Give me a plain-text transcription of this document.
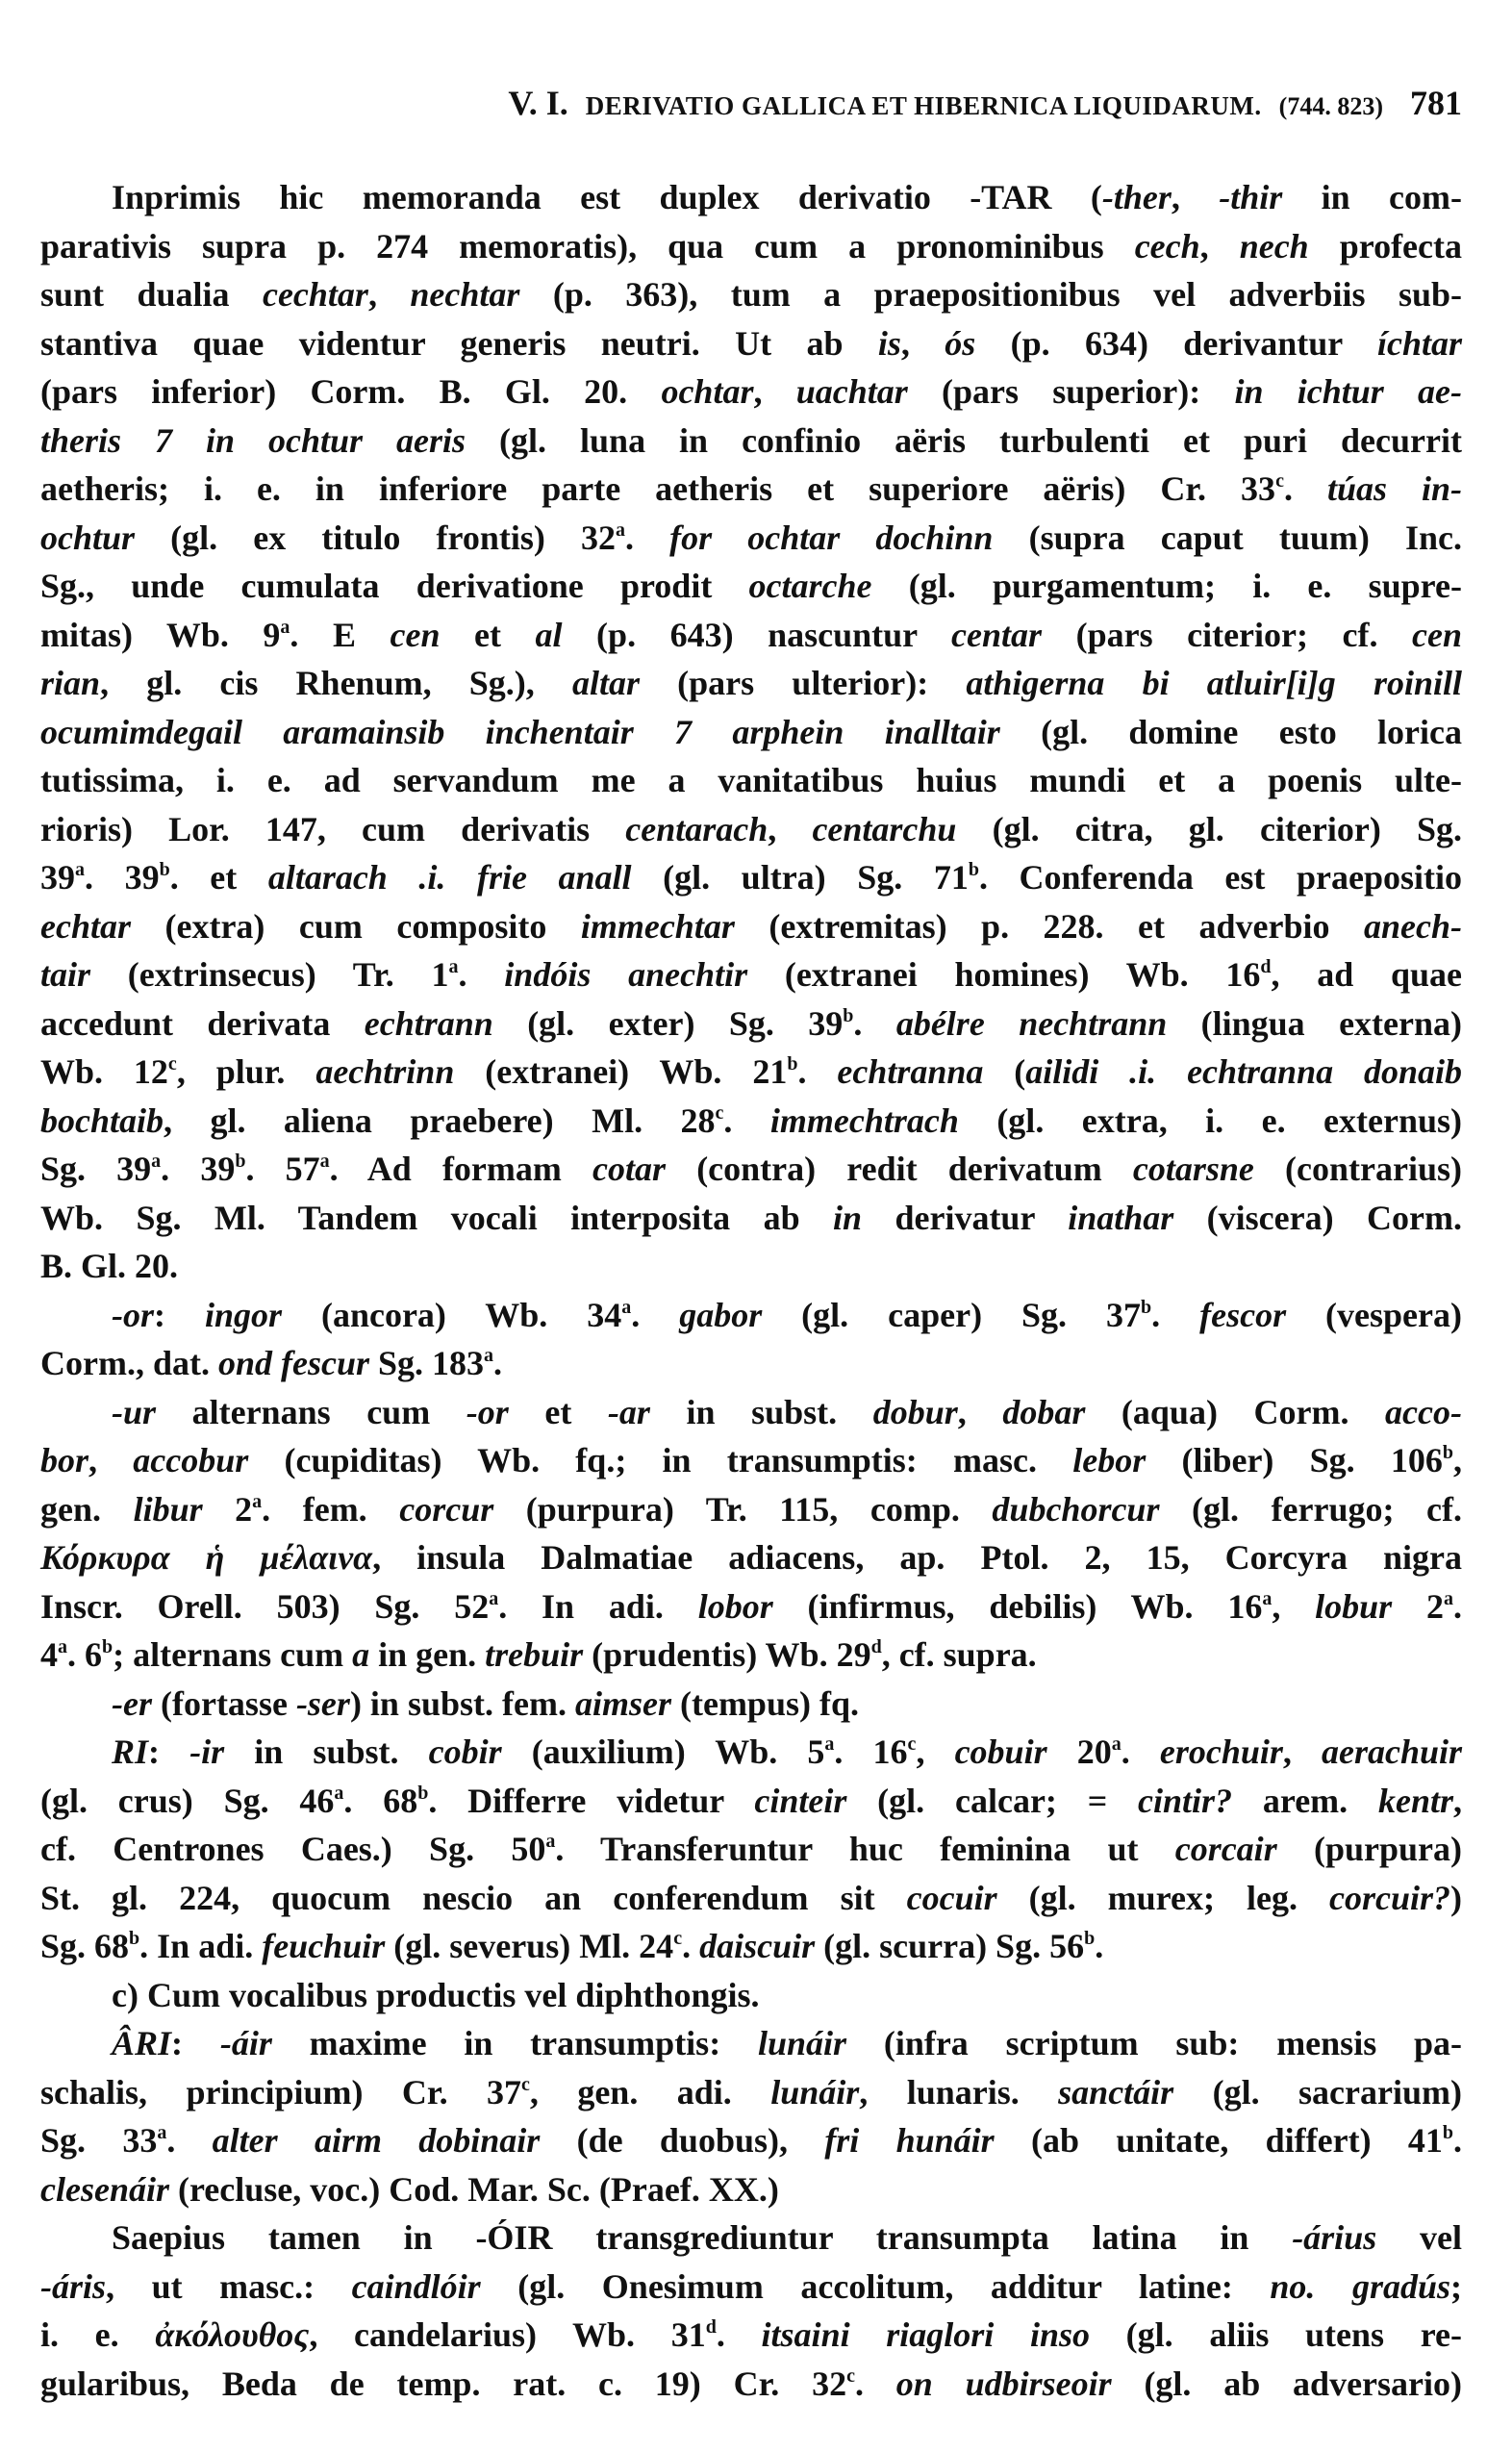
V. I. DERIVATIO GALLICA ET HIBERNICA LIQUIDARUM. (744. 823) 781
Inprimis hic memoranda est duplex derivatio -TAR (-ther, -thir in com-
parativis supra p. 274 memoratis), qua cum a pronominibus cech, nech profecta
sunt dualia cechtar, nechtar (p. 363), tum a praepositionibus vel adverbiis sub-
stantiva quae videntur generis neutri. Ut ab is, ós (p. 634) derivantur íchtar
(pars inferior) Corm. B. Gl. 20. ochtar, uachtar (pars superior): in ichtur ae-
theris 7 in ochtur aeris (gl. luna in confinio aëris turbulenti et puri decurrit
aetheris; i. e. in inferiore parte aetheris et superiore aëris) Cr. 33$^c$. túas in-
ochtur (gl. ex titulo frontis) 32$^a$. for ochtar dochinn (supra caput tuum) Inc.
Sg., unde cumulata derivatione prodit octarche (gl. purgamentum; i. e. supre-
mitas) Wb. 9$^a$. E cen et al (p. 643) nascuntur centar (pars citerior; cf. cen
rian, gl. cis Rhenum, Sg.), altar (pars ulterior): athigerna bi atluir[i]g roinill
ocumimdegail aramainsib inchentair 7 arphein inalltair (gl. domine esto lorica
tutissima, i. e. ad servandum me a vanitatibus huius mundi et a poenis ulte-
rioris) Lor. 147, cum derivatis centarach, centarchu (gl. citra, gl. citerior) Sg.
39$^a$. 39$^b$. et altarach .i. frie anall (gl. ultra) Sg. 71$^b$. Conferenda est praepositio
echtar (extra) cum composito immechtar (extremitas) p. 228. et adverbio anech-
tair (extrinsecus) Tr. 1$^a$. indóis anechtir (extranei homines) Wb. 16$^d$, ad quae
accedunt derivata echtrann (gl. exter) Sg. 39$^b$. abélre nechtrann (lingua externa)
Wb. 12$^c$, plur. aechtrinn (extranei) Wb. 21$^b$. echtranna (ailidi .i. echtranna donaib
bochtaib, gl. aliena praebere) Ml. 28$^c$. immechtrach (gl. extra, i. e. externus)
Sg. 39$^a$. 39$^b$. 57$^a$. Ad formam cotar (contra) redit derivatum cotarsne (contrarius)
Wb. Sg. Ml. Tandem vocali interposita ab in derivatur inathar (viscera) Corm.
B. Gl. 20.
-or: ingor (ancora) Wb. 34$^a$. gabor (gl. caper) Sg. 37$^b$. fescor (vespera)
Corm., dat. ond fescur Sg. 183$^a$.
-ur alternans cum -or et -ar in subst. dobur, dobar (aqua) Corm. acco-
bor, accobur (cupiditas) Wb. fq.; in transumptis: masc. lebor (liber) Sg. 106$^b$,
gen. libur 2$^a$. fem. corcur (purpura) Tr. 115, comp. dubchorcur (gl. ferrugo; cf.
Κόρκυρα ἡ μέλαινα, insula Dalmatiae adiacens, ap. Ptol. 2, 15, Corcyra nigra
Inscr. Orell. 503) Sg. 52$^a$. In adi. lobor (infirmus, debilis) Wb. 16$^a$, lobur 2$^a$.
4$^a$. 6$^b$; alternans cum a in gen. trebuir (prudentis) Wb. 29$^d$, cf. supra.
-er (fortasse -ser) in subst. fem. aimser (tempus) fq.
RI: -ir in subst. cobir (auxilium) Wb. 5$^a$. 16$^c$, cobuir 20$^a$. erochuir, aerachuir
(gl. crus) Sg. 46$^a$. 68$^b$. Differre videtur cinteir (gl. calcar; = cintir? arem. kentr,
cf. Centrones Caes.) Sg. 50$^a$. Transferuntur huc feminina ut corcair (purpura)
St. gl. 224, quocum nescio an conferendum sit cocuir (gl. murex; leg. corcuir?)
Sg. 68$^b$. In adi. feuchuir (gl. severus) Ml. 24$^c$. daiscuir (gl. scurra) Sg. 56$^b$.
c) Cum vocalibus productis vel diphthongis.
ÂRI: -áir maxime in transumptis: lunáir (infra scriptum sub: mensis pa-
schalis, principium) Cr. 37$^c$, gen. adi. lunáir, lunaris. sanctáir (gl. sacrarium)
Sg. 33$^a$. alter airm dobinair (de duobus), fri hunáir (ab unitate, differt) 41$^b$.
clesenáir (recluse, voc.) Cod. Mar. Sc. (Praef. XX.)
Saepius tamen in -ÓIR transgrediuntur transumpta latina in -árius vel
-áris, ut masc.: caindlóir (gl. Onesimum accolitum, additur latine: no. gradús;
i. e. ἀκόλουθος, candelarius) Wb. 31$^d$. itsaini riaglori inso (gl. aliis utens re-
gularibus, Beda de temp. rat. c. 19) Cr. 32$^c$. on udbirseoir (gl. ab adversario)
